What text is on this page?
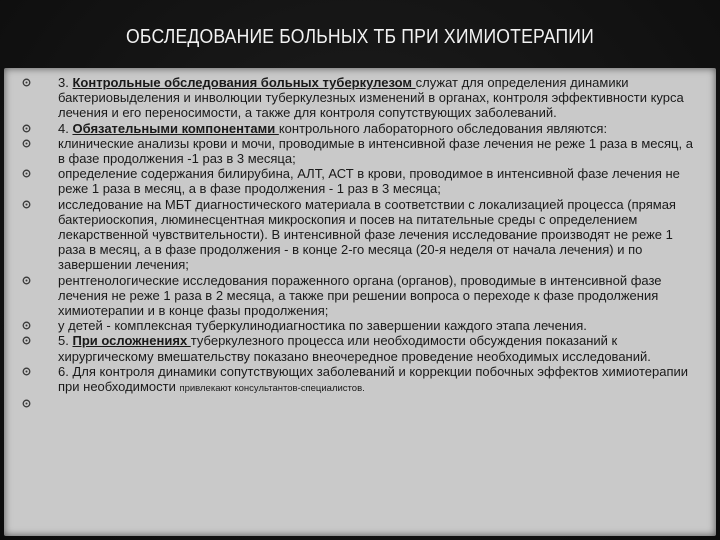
ОБСЛЕДОВАНИЕ БОЛЬНЫХ ТБ ПРИ ХИМИОТЕРАПИИ
3. Контрольные обследования больных туберкулезом служат для определения динамики бактериовыделения и инволюции туберкулезных изменений в органах, контроля эффективности курса лечения и его переносимости, а также для контроля сопутствующих заболеваний.
4. Обязательными компонентами контрольного лабораторного обследования являются:
клинические анализы крови и мочи, проводимые в интенсивной фазе лечения не реже 1 раза в месяц, а в фазе продолжения -1 раз в 3 месяца;
определение содержания билирубина, АЛТ, АСТ в крови, проводимое в интенсивной фазе лечения не реже 1 раза в месяц, а в фазе продолжения - 1 раз в 3 месяца;
исследование на МБТ диагностического материала в соответствии с локализацией процесса (прямая бактериоскопия, люминесцентная микроскопия и посев на питательные среды с определением лекарственной чувствительности). В интенсивной фазе лечения исследование производят не реже 1 раза в месяц, а в фазе продолжения - в конце 2-го месяца (20-я неделя от начала лечения) и по завершении лечения;
рентгенологические исследования пораженного органа (органов), проводимые в интенсивной фазе лечения не реже 1 раза в 2 месяца, а также при решении вопроса о переходе к фазе продолжения химиотерапии и в конце фазы продолжения;
у детей - комплексная туберкулинодиагностика по завершении каждого этапа лечения.
5. При осложнениях туберкулезного процесса или необходимости обсуждения показаний к хирургическому вмешательству показано внеочередное проведение необходимых исследований.
6. Для контроля динамики сопутствующих заболеваний и коррекции побочных эффектов химиотерапии при необходимости привлекают консультантов-специалистов.
